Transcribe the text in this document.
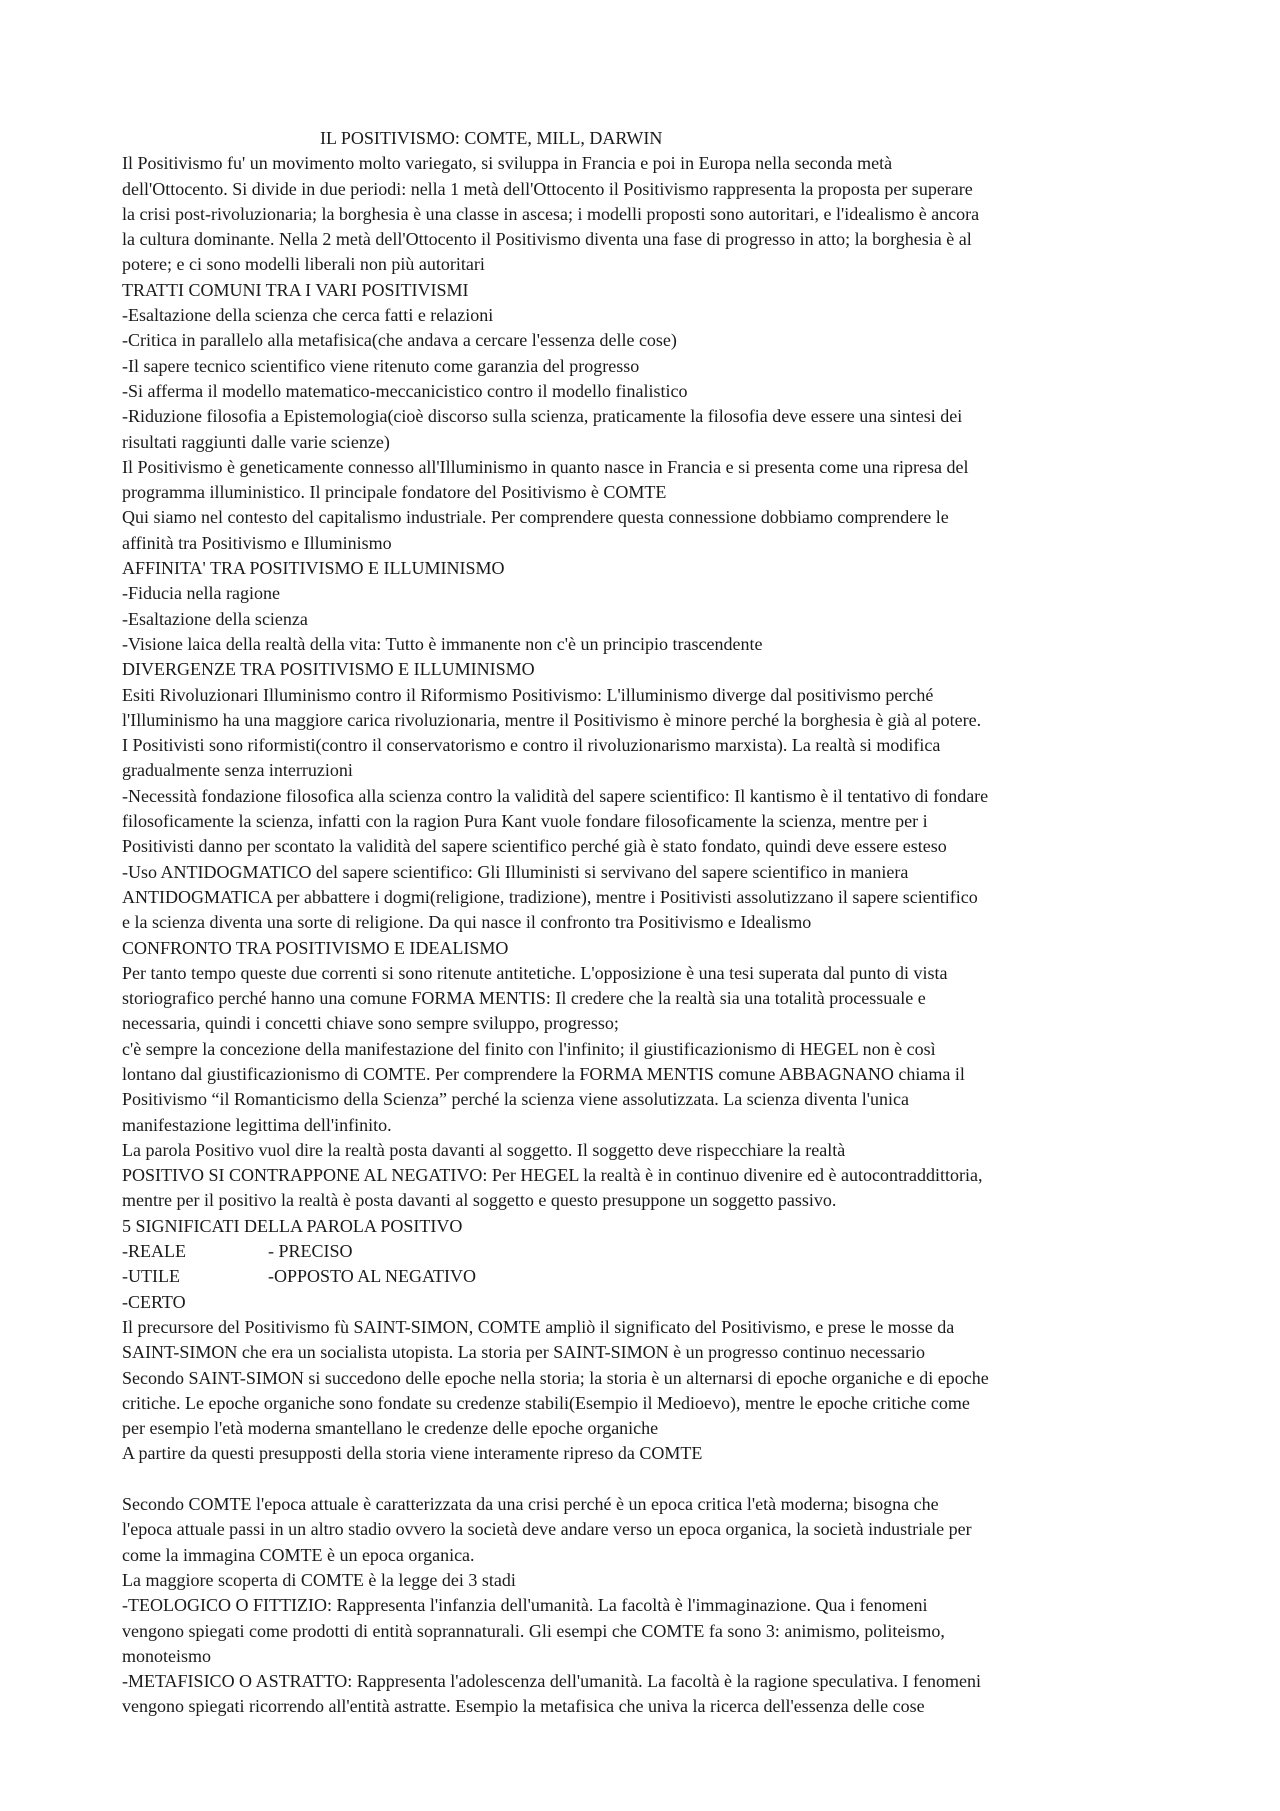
IL POSITIVISMO: COMTE, MILL, DARWIN
Il Positivismo fu' un movimento molto variegato, si sviluppa in Francia e poi in Europa nella seconda metà
dell'Ottocento. Si divide in due periodi: nella 1 metà dell'Ottocento il Positivismo rappresenta la proposta per superare
la crisi post-rivoluzionaria; la borghesia è una classe in ascesa; i modelli proposti sono autoritari, e l'idealismo è ancora
la cultura dominante. Nella 2 metà dell'Ottocento il Positivismo diventa una fase di progresso in atto; la borghesia è al
potere; e ci sono modelli liberali non più autoritari
TRATTI COMUNI TRA I VARI POSITIVISMI
-Esaltazione della scienza che cerca fatti e relazioni
-Critica in parallelo alla metafisica(che andava a cercare l'essenza delle cose)
-Il sapere tecnico scientifico viene ritenuto come garanzia del progresso
-Si afferma il modello matematico-meccanicistico contro il modello finalistico
-Riduzione filosofia a Epistemologia(cioè discorso sulla scienza, praticamente la filosofia deve essere una sintesi dei
risultati raggiunti dalle varie scienze)
Il Positivismo è geneticamente connesso all'Illuminismo in quanto nasce in Francia e si presenta come una ripresa del
programma illuministico. Il principale fondatore del Positivismo è COMTE
Qui siamo nel contesto del capitalismo industriale. Per comprendere questa connessione dobbiamo comprendere le
affinità tra Positivismo e Illuminismo
AFFINITA' TRA POSITIVISMO E ILLUMINISMO
-Fiducia nella ragione
-Esaltazione della scienza
-Visione laica della realtà della vita: Tutto è immanente non c'è un principio trascendente
DIVERGENZE TRA POSITIVISMO E ILLUMINISMO
Esiti Rivoluzionari Illuminismo contro il Riformismo Positivismo: L'illuminismo diverge dal positivismo perché
l'Illuminismo ha una maggiore carica rivoluzionaria, mentre il Positivismo è minore perché la borghesia è già al potere.
I Positivisti sono riformisti(contro il conservatorismo e contro il rivoluzionarismo marxista). La realtà si modifica
gradualmente senza interruzioni
-Necessità fondazione filosofica alla scienza contro la validità del sapere scientifico: Il kantismo è il tentativo di fondare
filosoficamente la scienza, infatti con la ragion Pura Kant vuole fondare filosoficamente la scienza, mentre per i
Positivisti danno per scontato la validità del sapere scientifico perché già è stato fondato, quindi deve essere esteso
-Uso ANTIDOGMATICO del sapere scientifico: Gli Illuministi si servivano del sapere scientifico in maniera
ANTIDOGMATICA per abbattere i dogmi(religione, tradizione), mentre i Positivisti assolutizzano il sapere scientifico
e la scienza diventa una sorte di religione. Da qui nasce il confronto tra Positivismo e Idealismo
CONFRONTO TRA POSITIVISMO E IDEALISMO
Per tanto tempo queste due correnti si sono ritenute antitetiche. L'opposizione è una tesi superata dal punto di vista
storiografico perché hanno una comune FORMA MENTIS: Il credere che la realtà sia una totalità processuale e
necessaria, quindi i concetti chiave sono sempre sviluppo, progresso;
c'è sempre la concezione della manifestazione del finito con l'infinito; il giustificazionismo di HEGEL non è così
lontano dal giustificazionismo di COMTE. Per comprendere la FORMA MENTIS comune ABBAGNANO chiama il
Positivismo “il Romanticismo della Scienza” perché la scienza viene assolutizzata. La scienza diventa l'unica
manifestazione legittima dell'infinito.
La parola Positivo vuol dire la realtà posta davanti al soggetto. Il soggetto deve rispecchiare la realtà
POSITIVO SI CONTRAPPONE AL NEGATIVO: Per HEGEL la realtà è in continuo divenire ed è autocontraddittoria,
mentre per il positivo la realtà è posta davanti al soggetto e questo presuppone un soggetto passivo.
5 SIGNIFICATI DELLA PAROLA POSITIVO
-REALE	- PRECISO
-UTILE	-OPPOSTO AL NEGATIVO
-CERTO
Il precursore del Positivismo fù SAINT-SIMON, COMTE ampliò il significato del Positivismo, e prese le mosse da
SAINT-SIMON che era un socialista utopista. La storia per SAINT-SIMON è un progresso continuo necessario
Secondo SAINT-SIMON si succedono delle epoche nella storia; la storia è un alternarsi di epoche organiche e di epoche
critiche. Le epoche organiche sono fondate su credenze stabili(Esempio il Medioevo), mentre le epoche critiche come
per esempio l'età moderna smantellano le credenze delle epoche organiche
A partire da questi presupposti della storia viene interamente ripreso da COMTE
Secondo COMTE l'epoca attuale è caratterizzata da una crisi perché è un epoca critica l'età moderna; bisogna che
l'epoca attuale passi in un altro stadio ovvero la società deve andare verso un epoca organica, la società industriale per
come la immagina COMTE è un epoca organica.
La maggiore scoperta di COMTE è la legge dei 3 stadi
-TEOLOGICO O FITTIZIO: Rappresenta l'infanzia dell'umanità. La facoltà è l'immaginazione. Qua i fenomeni
vengono spiegati come prodotti di entità soprannaturali. Gli esempi che COMTE fa sono 3: animismo, politeismo,
monoteismo
-METAFISICO O ASTRATTO: Rappresenta l'adolescenza dell'umanità. La facoltà è la ragione speculativa. I fenomeni
vengono spiegati ricorrendo all'entità astratte. Esempio la metafisica che univa la ricerca dell'essenza delle cose
